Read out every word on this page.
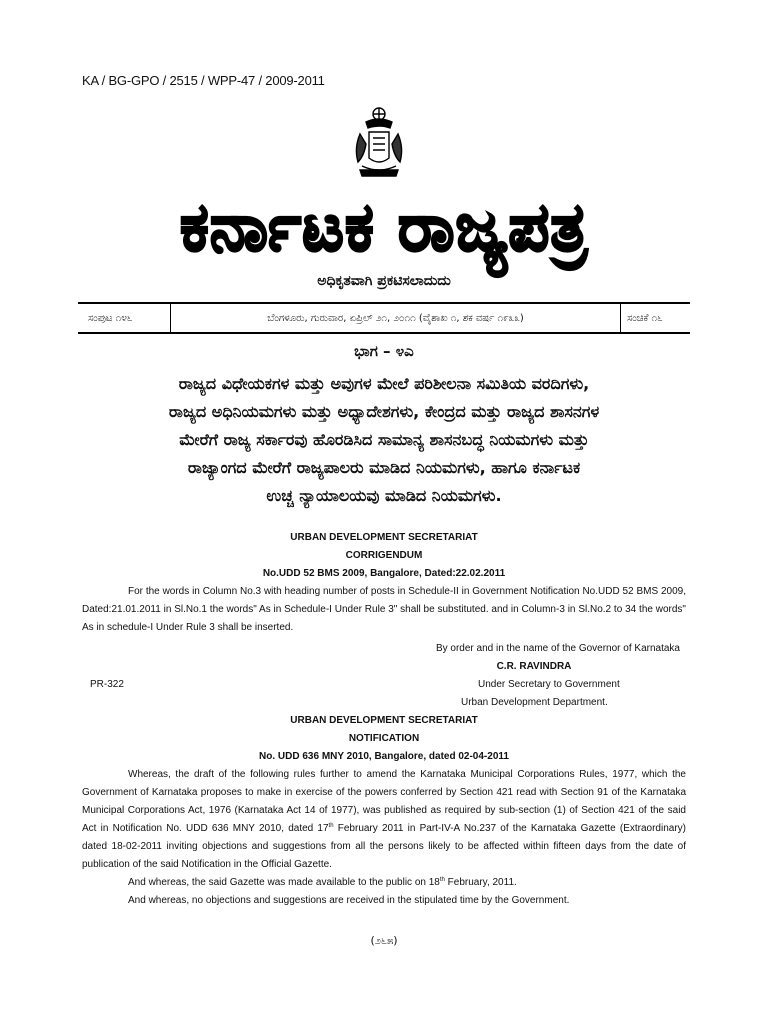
KA / BG-GPO / 2515 / WPP-47 / 2009-2011
ಕರ್ನಾಟಕ ರಾಜ್ಯಪತ್ರ
ಅಧಿಕೃತವಾಗಿ ಪ್ರಕಟಿಸಲಾದುದು
ಸಂಪುಟ ೧೪೬	ಬೆಂಗಳೂರು, ಗುರುವಾರ, ಏಪ್ರಿಲ್ ೨೧, ೨೦೧೧ (ವೈಶಾಖ ೧, ಶಕ ವರ್ಷ ೧೯೩೩)	ಸಂಚಿಕೆ ೧೬
ಭಾಗ – ೪ಎ
ರಾಜ್ಯದ ವಿಧೇಯಕಗಳ ಮತ್ತು ಅವುಗಳ ಮೇಲೆ ಪರಿಶೀಲನಾ ಸಮಿತಿಯ ವರದಿಗಳು,
ರಾಜ್ಯದ ಅಧಿನಿಯಮಗಳು ಮತ್ತು ಅಧ್ಯಾದೇಶಗಳು, ಕೇಂದ್ರದ ಮತ್ತು ರಾಜ್ಯದ ಶಾಸನಗಳ
ಮೇರೆಗೆ ರಾಜ್ಯ ಸರ್ಕಾರವು ಹೊರಡಿಸಿದ ಸಾಮಾನ್ಯ ಶಾಸನಬದ್ಧ ನಿಯಮಗಳು ಮತ್ತು
ರಾಜ್ಯಾಂಗದ ಮೇರೆಗೆ ರಾಜ್ಯಪಾಲರು ಮಾಡಿದ ನಿಯಮಗಳು, ಹಾಗೂ ಕರ್ನಾಟಕ
ಉಚ್ಚ ನ್ಯಾಯಾಲಯವು ಮಾಡಿದ ನಿಯಮಗಳು.
URBAN DEVELOPMENT SECRETARIAT
CORRIGENDUM
No.UDD 52 BMS 2009, Bangalore, Dated:22.02.2011
For the words in Column No.3 with heading number of posts in Schedule-II in Government Notification No.UDD 52 BMS 2009, Dated:21.01.2011 in Sl.No.1 the words" As in Schedule-I Under Rule 3" shall be substituted. and in Column-3 in Sl.No.2 to 34 the words" As in schedule-I Under Rule 3 shall be inserted.
By order and in the name of the Governor of Karnataka
C.R. RAVINDRA
PR-322	Under Secretary to Government
Urban Development Department.
URBAN DEVELOPMENT SECRETARIAT
NOTIFICATION
No. UDD 636 MNY 2010, Bangalore, dated 02-04-2011
Whereas, the draft of the following rules further to amend the Karnataka Municipal Corporations Rules, 1977, which the Government of Karnataka proposes to make in exercise of the powers conferred by Section 421 read with Section 91 of the Karnataka Municipal Corporations Act, 1976 (Karnataka Act 14 of 1977), was published as required by sub-section (1) of Section 421 of the said Act in Notification No. UDD 636 MNY 2010, dated 17th February 2011 in Part-IV-A No.237 of the Karnataka Gazette (Extraordinary) dated 18-02-2011 inviting objections and suggestions from all the persons likely to be affected within fifteen days from the date of publication of the said Notification in the Official Gazette.
And whereas, the said Gazette was made available to the public on 18th February, 2011.
And whereas, no objections and suggestions are received in the stipulated time by the Government.
(೨೬೫)
